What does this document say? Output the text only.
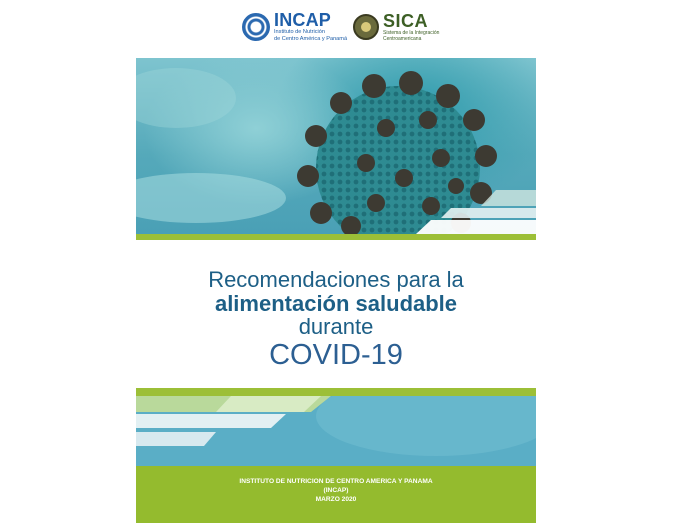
INCAP
Instituto de Nutrición
de Centro América y Panamá
SICA
Sistema de la Integración
Centroamericana
Recomendaciones para la
alimentación saludable
durante
COVID-19
INSTITUTO DE NUTRICION DE CENTRO AMERICA Y PANAMA
(INCAP)
MARZO 2020
